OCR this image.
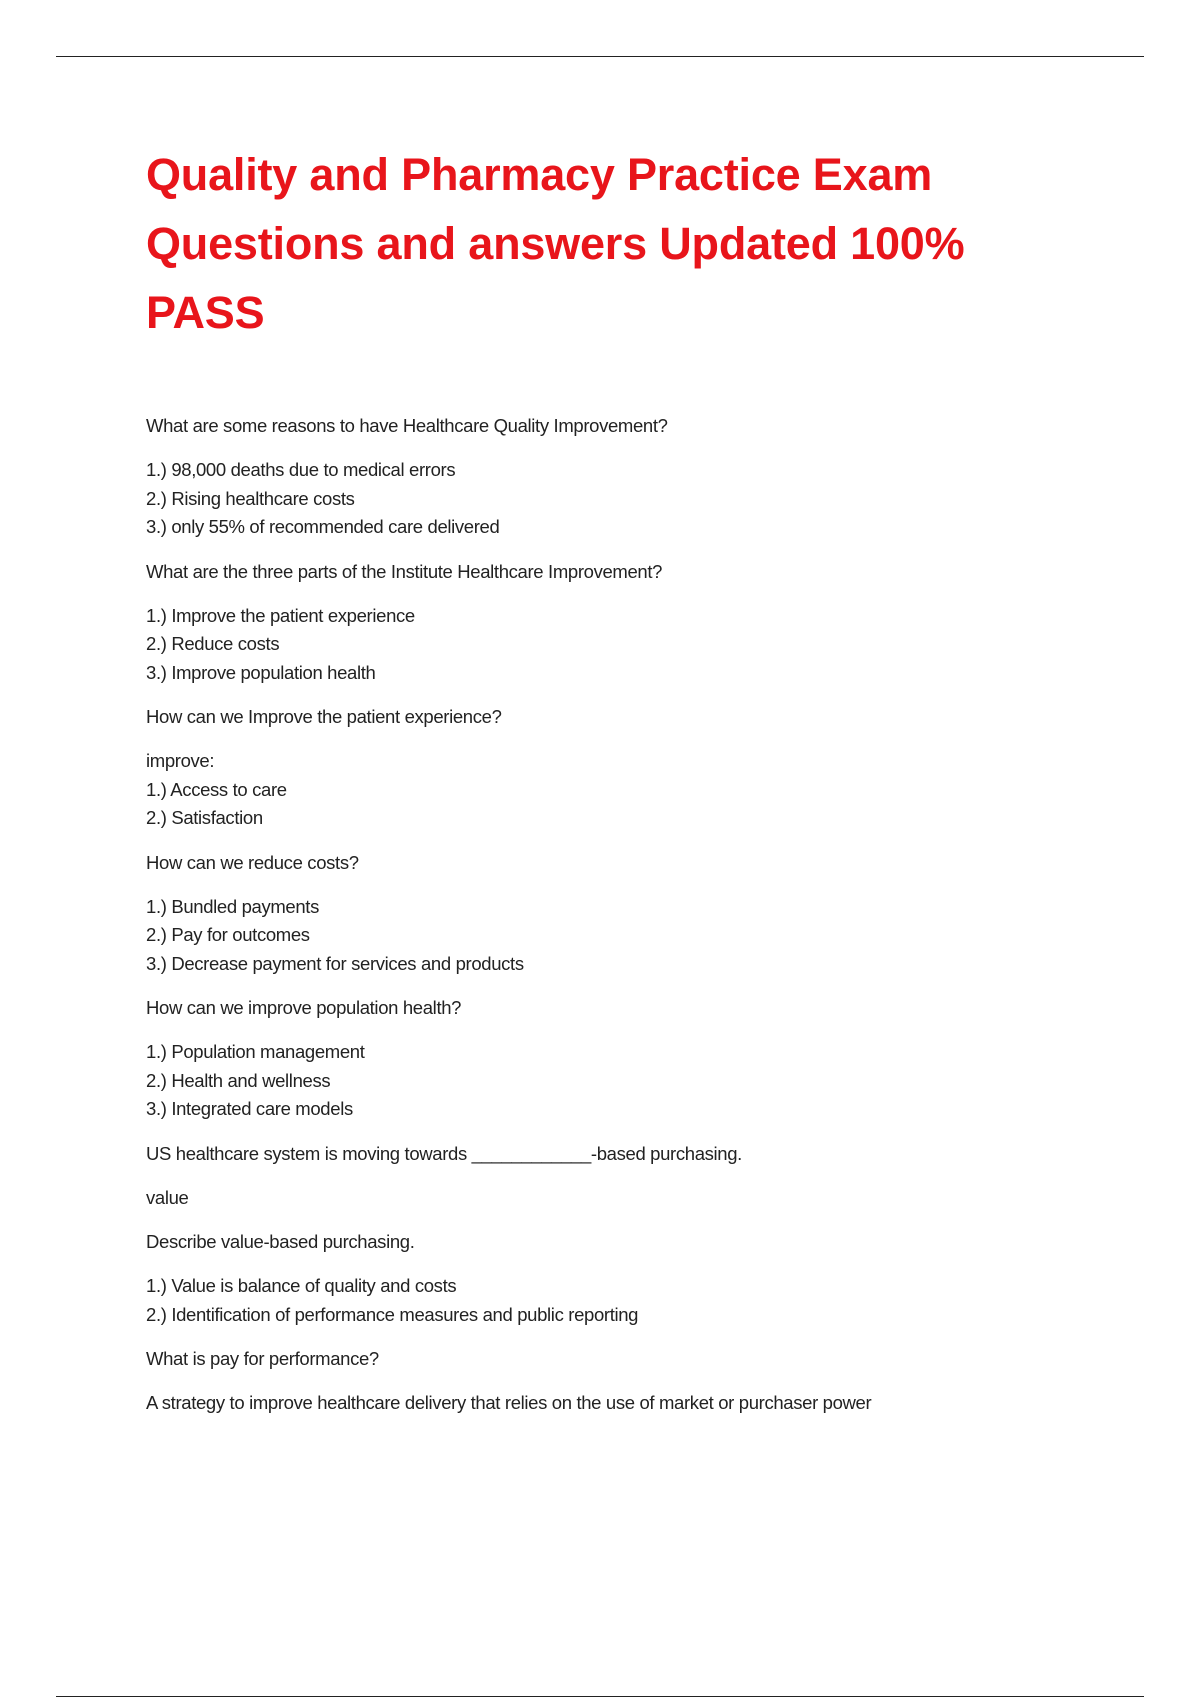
Quality and Pharmacy Practice Exam
Questions and answers Updated 100%
PASS

What are some reasons to have Healthcare Quality Improvement?

1.) 98,000 deaths due to medical errors
2.) Rising healthcare costs
3.) only 55% of recommended care delivered

What are the three parts of the Institute Healthcare Improvement?

1.) Improve the patient experience
2.) Reduce costs
3.) Improve population health

How can we Improve the patient experience?

improve:
1.) Access to care
2.) Satisfaction

How can we reduce costs?

1.) Bundled payments
2.) Pay for outcomes
3.) Decrease payment for services and products

How can we improve population health?

1.) Population management
2.) Health and wellness
3.) Integrated care models

US healthcare system is moving towards ____________-based purchasing.

value

Describe value-based purchasing.

1.) Value is balance of quality and costs
2.) Identification of performance measures and public reporting

What is pay for performance?

A strategy to improve healthcare delivery that relies on the use of market or purchaser power
